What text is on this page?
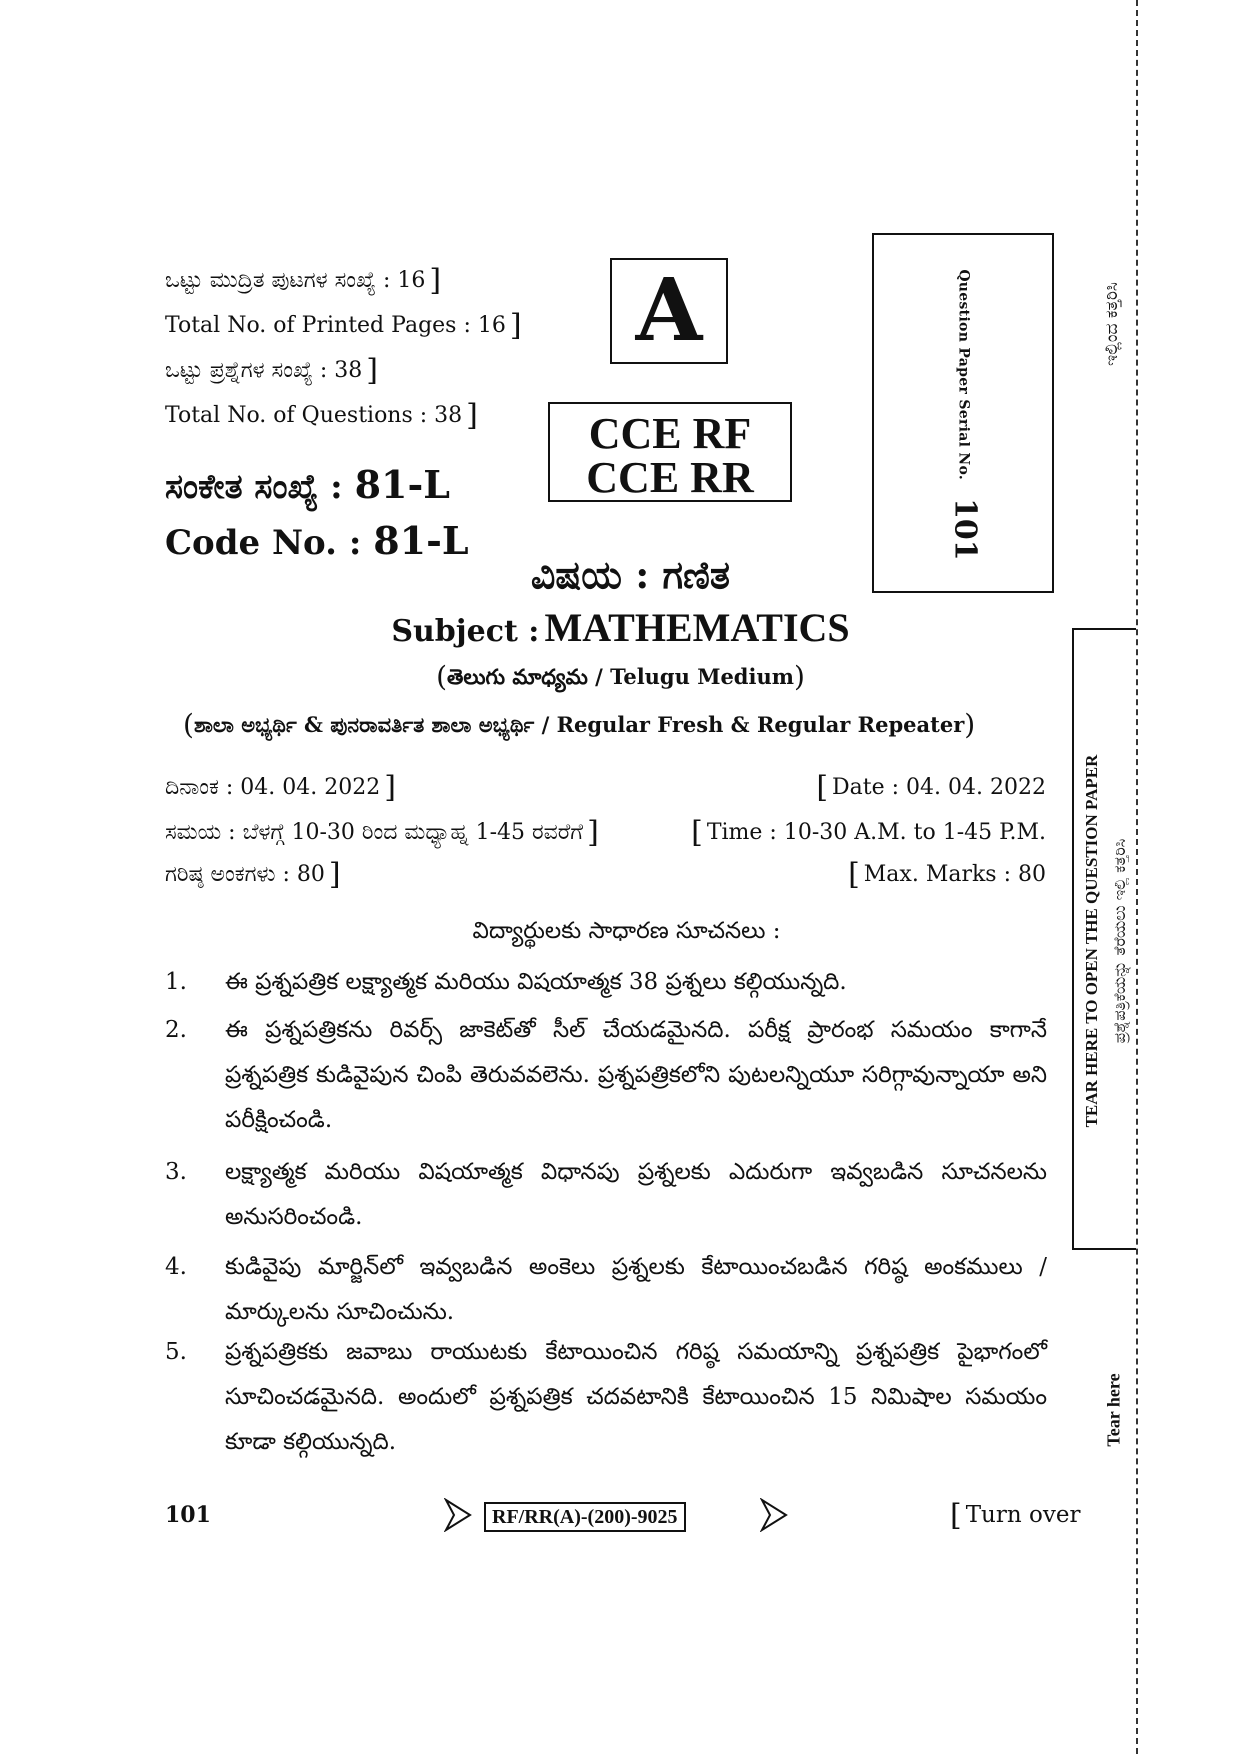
ಒಟ್ಟು ಮುದ್ರಿತ ಪುಟಗಳ ಸಂಖ್ಯೆ : 16 ]
Total No. of Printed Pages : 16 ]
ಒಟ್ಟು ಪ್ರಶ್ನೆಗಳ ಸಂಖ್ಯೆ : 38 ]
Total No. of Questions : 38 ]
ಸಂಕೇತ ಸಂಖ್ಯೆ : 81-L
Code No. : 81-L
A
CCE RF
CCE RR	Question Paper Serial No.101
ವಿಷಯ : ಗಣಿತ
Subject : MATHEMATICS
(తెలుగు మాధ్యమ / Telugu Medium)
(ಶಾಲಾ ಅಭ್ಯರ್ಥಿ & ಪುನರಾವರ್ತಿತ ಶಾಲಾ ಅಭ್ಯರ್ಥಿ / Regular Fresh & Regular Repeater)
ದಿನಾಂಕ : 04. 04. 2022 ]	[ Date : 04. 04. 2022
ಸಮಯ : ಬೆಳಗ್ಗೆ 10-30 ರಿಂದ ಮಧ್ಯಾಹ್ನ 1-45 ರವರೆಗೆ ]	[ Time : 10-30 A.M. to 1-45 P.M.
ಗರಿಷ್ಠ ಅಂಕಗಳು : 80 ]	[ Max. Marks : 80
విద్యార్థులకు సాధారణ సూచనలు :
1. ఈ ప్రశ్నపత్రిక లక్ష్యాత్మక మరియు విషయాత్మక 38 ప్రశ్నలు కల్గియున్నది.
2. ఈ ప్రశ్నపత్రికను రివర్స్ జాకెట్‌తో సీల్ చేయడమైనది. పరీక్ష ప్రారంభ సమయం కాగానే ప్రశ్నపత్రిక కుడివైపున చింపి తెరువవలెను. ప్రశ్నపత్రికలోని పుటలన్నియూ సరిగ్గావున్నాయా అని పరీక్షించండి.
3. లక్ష్యాత్మక మరియు విషయాత్మక విధానపు ప్రశ్నలకు ఎదురుగా ఇవ్వబడిన సూచనలను అనుసరించండి.
4. కుడివైపు మార్జిన్‌లో ఇవ్వబడిన అంకెలు ప్రశ్నలకు కేటాయించబడిన గరిష్ఠ అంకములు / మార్కులను సూచించును.
5. ప్రశ్నపత్రికకు జవాబు రాయుటకు కేటాయించిన గరిష్ఠ సమయాన్ని ప్రశ్నపత్రిక పైభాగంలో సూచించడమైనది. అందులో ప్రశ్నపత్రిక చదవటానికి కేటాయించిన 15 నిమిషాల సమయం కూడా కల్గియున్నది.
101	RF/RR(A)-(200)-9025	[ Turn over
ಇಲ್ಲಿಂದ ಕತ್ತರಿಸಿ
TEAR HERE TO OPEN THE QUESTION PAPER ಪ್ರಶ್ನೆಪತ್ರಿಕೆಯನ್ನು ತೆರೆಯಲು ಇಲ್ಲಿ ಕತ್ತರಿಸಿ
Tear here
